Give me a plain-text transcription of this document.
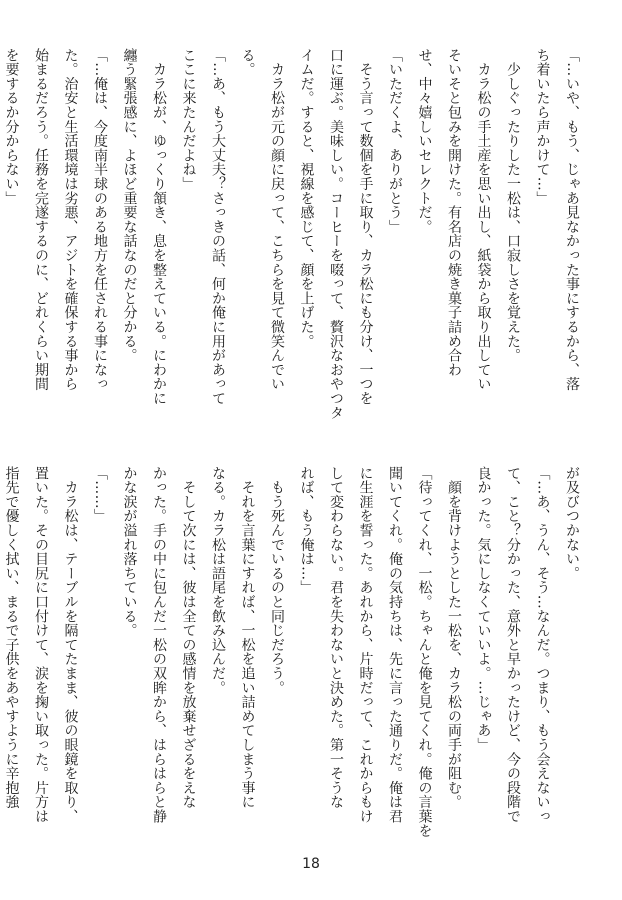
「…いや、もう、じゃあ見なかった事にするから、落

ち着いたら声かけて…」

　少しぐったりした一松は、口寂しさを覚えた。

　カラ松の手土産を思い出し、紙袋から取り出してい

そいそと包みを開けた。有名店の焼き菓子詰め合わ

せ、中々嬉しいセレクトだ。

「いただくよ、ありがとう」

　そう言って数個を手に取り、カラ松にも分け、一つを

口に運ぶ。美味しい。コーヒーを啜って、贅沢なおやつタ

イムだ。すると、視線を感じて、顔を上げた。

　カラ松が元の顔に戻って、こちらを見て微笑んでい

る。

「…あ、もう大丈夫？さっきの話、何か俺に用があって

ここに来たんだよね」

　カラ松が、ゆっくり頷き、息を整えている。にわかに

纏う緊張感に、よほど重要な話なのだと分かる。

「…俺は、今度南半球のある地方を任される事になっ

た。治安と生活環境は劣悪、アジトを確保する事から

始まるだろう。任務を完遂するのに、どれくらい期間

を要するか分からない」

が及びつかない。

「…あ、うん、そう…なんだ。つまり、もう会えないっ

て、こと？分かった、意外と早かったけど、今の段階で

良かった。気にしなくていいよ。…じゃあ」

　顔を背けようとした一松を、カラ松の両手が阻む。

「待ってくれ、一松。ちゃんと俺を見てくれ。俺の言葉を

聞いてくれ。俺の気持ちは、先に言った通りだ。俺は君

に生涯を誓った。あれから、片時だって、これからもけ

して変わらない。君を失わないと決めた。第一そうな

れば、もう俺は…」

　もう死んでいるのと同じだろう。

　それを言葉にすれば、一松を追い詰めてしまう事に

なる。カラ松は語尾を飲み込んだ。

　そして次には、彼は全ての感情を放棄せざるをえな

かった。手の中に包んだ一松の双眸から、はらはらと静

かな涙が溢れ落ちている。

「……」

　カラ松は、テーブルを隔てたまま、彼の眼鏡を取り、

置いた。その目尻に口付けて、涙を掬い取った。片方は

指先で優しく拭い、まるで子供をあやすように辛抱強

18
